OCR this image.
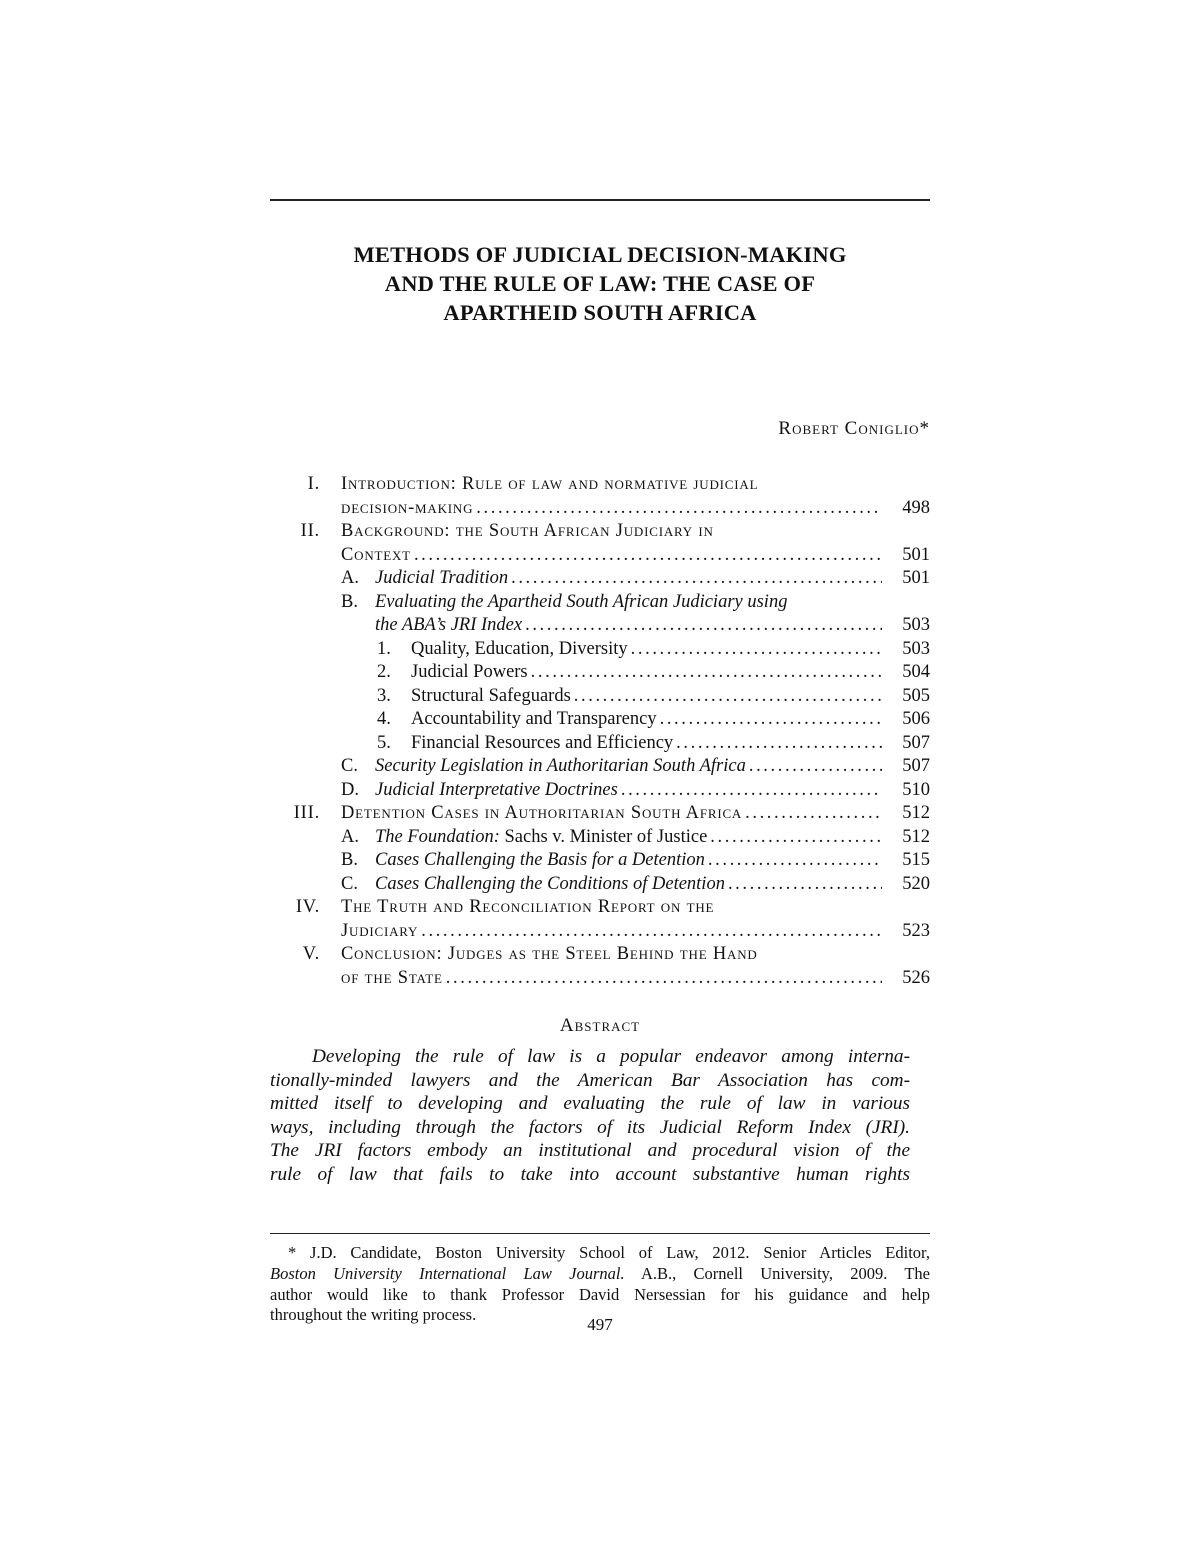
METHODS OF JUDICIAL DECISION-MAKING
AND THE RULE OF LAW: THE CASE OF
APARTHEID SOUTH AFRICA
Robert Coniglio*
I. Introduction: Rule of law and normative judicial
decision-making .....	498
II. Background: the South African Judiciary in
Context .....	501
A. Judicial Tradition .....	501
B. Evaluating the Apartheid South African Judiciary using
the ABA’s JRI Index .....	503
1.	Quality, Education, Diversity .....	503
2.	Judicial Powers .....	504
3.	Structural Safeguards .....	505
4.	Accountability and Transparency .....	506
5.	Financial Resources and Efficiency .....	507
C. Security Legislation in Authoritarian South Africa .....	507
D. Judicial Interpretative Doctrines .....	510
III. Detention Cases in Authoritarian South Africa .....	512
A. The Foundation: Sachs v. Minister of Justice .....	512
B. Cases Challenging the Basis for a Detention .....	515
C. Cases Challenging the Conditions of Detention .....	520
IV. The Truth and Reconciliation Report on the
Judiciary .....	523
V. Conclusion: Judges as the Steel Behind the Hand
of the State .....	526
Abstract
Developing the rule of law is a popular endeavor among interna-
tionally-minded lawyers and the American Bar Association has com-
mitted itself to developing and evaluating the rule of law in various
ways, including through the factors of its Judicial Reform Index (JRI).
The JRI factors embody an institutional and procedural vision of the
rule of law that fails to take into account substantive human rights
* J.D. Candidate, Boston University School of Law, 2012. Senior Articles Editor,
Boston University International Law Journal. A.B., Cornell University, 2009. The
author would like to thank Professor David Nersessian for his guidance and help
throughout the writing process.
497
